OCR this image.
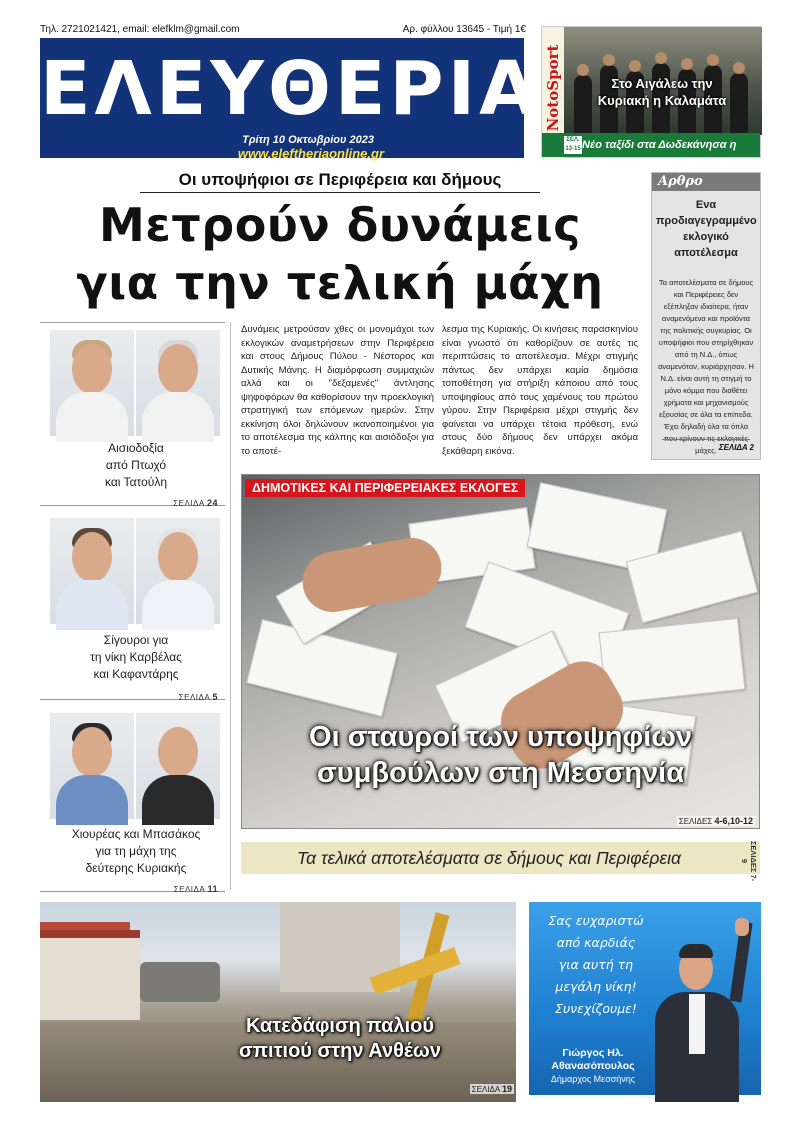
Τηλ. 2721021421, email: elefklm@gmail.com	Αρ. φύλλου 13645 - Τιμή 1€
ΕΛΕΥΘΕΡΙΑ
Τρίτη 10 Οκτωβρίου 2023
www.eleftheriaonline.gr
NotoSport	Στο Αιγάλεω την
Κυριακή η Καλαμάτα
ΣΕΛ. 13-15 Νέο ταξίδι στα Δωδεκάνησα η Ερανη
Οι υποψήφιοι σε Περιφέρεια και δήμους
Μετρούν δυνάμεις
για την τελική μάχη
Αρθρο
Ενα προδιαγεγραμμένο εκλογικό αποτέλεσμα
Τα αποτελέσματα σε δήμους και Περιφέρειες δεν εξέπληξαν ιδιαίτερα, ήταν αναμενόμενα και προϊόντα της πολιτικής συγκυρίας. Οι υποψήφιοι που στηρίχθηκαν από τη Ν.Δ., όπως αναμενόταν, κυριάρχησαν. Η Ν.Δ. είναι αυτή τη στιγμή το μόνο κόμμα που διαθέτει χρήματα και μηχανισμούς εξουσίας σε όλα τα επίπεδα. Έχει δηλαδή όλα τα όπλα που κρίνουν τις εκλογικές μάχες. ΣΕΛΙΔΑ 2
Αισιοδοξία
από Πτωχό
και Τατούλη
ΣΕΛΙΔΑ 24
Σίγουροι για
τη νίκη Καρβέλας
και Καφαντάρης
ΣΕΛΙΔΑ 5
Χιουρέας και Μπασάκος
για τη μάχη της
δεύτερης Κυριακής
ΣΕΛΙΔΑ 11
Δυνάμεις μετρούσαν χθες οι μονομάχοι των εκλογικών αναμετρήσεων στην Περιφέρεια και στους Δήμους Πύλου - Νέστορος και Δυτικής Μάνης. Η διαμόρφωση συμμαχιών αλλά και οι "δεξαμενές" άντλησης ψηφοφόρων θα καθορίσουν την προεκλογική στρατηγική των επόμενων ημερών. Στην εκκίνηση όλοι δηλώνουν ικανοποιημένοι για το αποτέλεσμα της κάλπης και αισιόδοξοι για το αποτέ-
λεσμα της Κυριακής. Οι κινήσεις παρασκηνίου είναι γνωστό ότι καθορίζουν σε αυτές τις περιπτώσεις το αποτέλεσμα. Μέχρι στιγμής πάντως δεν υπάρχει καμία δημόσια τοποθέτηση για στήριξη κάποιου από τους υποψηφίους από τους χαμένους του πρώτου γύρου. Στην Περιφέρεια μέχρι στιγμής δεν φαίνεται να υπάρχει τέτοια πρόθεση, ενώ στους δύο δήμους δεν υπάρχει ακόμα ξεκάθαρη εικόνα.
ΔΗΜΟΤΙΚΕΣ ΚΑΙ ΠΕΡΙΦΕΡΕΙΑΚΕΣ ΕΚΛΟΓΕΣ
Οι σταυροί των υποψηφίων
συμβούλων στη Μεσσηνία
ΣΕΛΙΔΕΣ 4-6,10-12
Τα τελικά αποτελέσματα σε δήμους και Περιφέρεια	ΣΕΛΙΔΕΣ 7-9
Κατεδάφιση παλιού
σπιτιού στην Ανθέων
ΣΕΛΙΔΑ 19
Σας ευχαριστώ
από καρδιάς
για αυτή τη
μεγάλη νίκη!
Συνεχίζουμε!
Γιώργος Ηλ.
Αθανασόπουλος
Δήμαρχος Μεσσήνης
